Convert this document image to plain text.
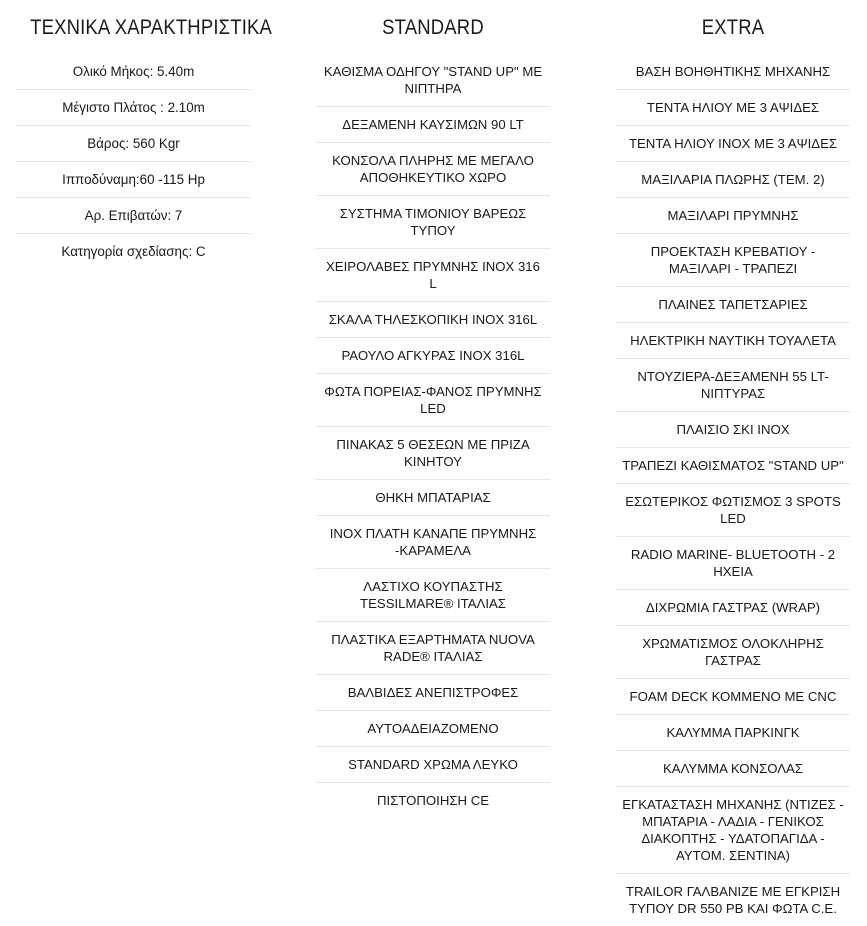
ΤΕΧΝΙΚΑ ΧΑΡΑΚΤΗΡΙΣΤΙΚΑ
Ολικό Μήκος: 5.40m
Μέγιστο Πλάτος : 2.10m
Βάρος: 560 Kgr
Ιπποδύναμη:60 -115 Hp
Αρ. Επιβατών: 7
Κατηγορία σχεδίασης: C
STANDARD
ΚΑΘΙΣΜΑ ΟΔΗΓΟΥ "STAND UP" ΜΕ ΝΙΠΤΗΡΑ
ΔΕΞΑΜΕΝΗ ΚΑΥΣΙΜΩΝ 90 LT
ΚΟΝΣΟΛΑ ΠΛΗΡΗΣ ΜΕ ΜΕΓΑΛΟ ΑΠΟΘΗΚΕΥΤΙΚΟ ΧΩΡΟ
ΣΥΣΤΗΜΑ ΤΙΜΟΝΙΟΥ ΒΑΡΕΩΣ ΤΥΠΟΥ
ΧΕΙΡΟΛΑΒΕΣ ΠΡΥΜΝΗΣ INOX 316 L
ΣΚΑΛΑ ΤΗΛΕΣΚΟΠΙΚΗ INOX 316L
ΡΑΟΥΛΟ ΑΓΚΥΡΑΣ INOX 316L
ΦΩΤΑ ΠΟΡΕΙΑΣ-ΦΑΝΟΣ ΠΡΥΜΝΗΣ LED
ΠΙΝΑΚΑΣ 5 ΘΕΣΕΩΝ ΜΕ ΠΡΙΖΑ ΚΙΝΗΤΟΥ
ΘΗΚΗ ΜΠΑΤΑΡΙΑΣ
INOX ΠΛΑΤΗ ΚΑΝΑΠΕ ΠΡΥΜΝΗΣ -ΚΑΡΑΜΕΛΑ
ΛΑΣΤΙΧΟ ΚΟΥΠΑΣΤΗΣ TESSILMARE® ΙΤΑΛΙΑΣ
ΠΛΑΣΤΙΚΑ ΕΞΑΡΤΗΜΑΤΑ NUOVA RADE® ΙΤΑΛΙΑΣ
ΒΑΛΒΙΔΕΣ ΑΝΕΠΙΣΤΡΟΦΕΣ
ΑΥΤΟΑΔΕΙΑΖΟΜΕΝΟ
STANDARD ΧΡΩΜΑ ΛΕΥΚΟ
ΠΙΣΤΟΠΟΙΗΣΗ CE
EXTRA
ΒΑΣΗ ΒΟΗΘΗΤΙΚΗΣ ΜΗΧΑΝΗΣ
ΤΕΝΤΑ ΗΛΙΟΥ ΜΕ 3 ΑΨΙΔΕΣ
ΤΕΝΤΑ ΗΛΙΟΥ INOX ΜΕ 3 ΑΨΙΔΕΣ
ΜΑΞΙΛΑΡΙΑ ΠΛΩΡΗΣ (ΤΕΜ. 2)
ΜΑΞΙΛΑΡΙ ΠΡΥΜΝΗΣ
ΠΡΟΕΚΤΑΣΗ ΚΡΕΒΑΤΙΟΥ - ΜΑΞΙΛΑΡΙ - ΤΡΑΠΕΖΙ
ΠΛΑΙΝΕΣ ΤΑΠΕΤΣΑΡΙΕΣ
ΗΛΕΚΤΡΙΚΗ ΝΑΥΤΙΚΗ ΤΟΥΑΛΕΤΑ
ΝΤΟΥΖΙΕΡΑ-ΔΕΞΑΜΕΝΗ 55 LT-ΝΙΠΤΥΡΑΣ
ΠΛΑΙΣΙΟ ΣΚΙ INOX
ΤΡΑΠΕΖΙ ΚΑΘΙΣΜΑΤΟΣ "STAND UP"
ΕΣΩΤΕΡΙΚΟΣ ΦΩΤΙΣΜΟΣ 3 SPOTS LED
RADIO MARINE- BLUETOOTH - 2 ΗΧΕΙΑ
ΔΙΧΡΩΜΙΑ ΓΑΣΤΡΑΣ (WRAP)
ΧΡΩΜΑΤΙΣΜΟΣ ΟΛΟΚΛΗΡΗΣ ΓΑΣΤΡΑΣ
FOAM DECK ΚΟΜΜΕΝΟ ΜΕ CNC
ΚΑΛΥΜΜΑ ΠΑΡΚΙΝΓΚ
ΚΑΛΥΜΜΑ ΚΟΝΣΟΛΑΣ
ΕΓΚΑΤΑΣΤΑΣΗ ΜΗΧΑΝΗΣ (ΝΤΙΖΕΣ - ΜΠΑΤΑΡΙΑ - ΛΑΔΙΑ - ΓΕΝΙΚΟΣ ΔΙΑΚΟΠΤΗΣ - ΥΔΑΤΟΠΑΓΙΔΑ - ΑΥΤΟΜ. ΣΕΝΤΙΝΑ)
TRAILOR ΓΑΛΒΑΝΙΖΕ ΜΕ ΕΓΚΡΙΣΗ ΤΥΠΟΥ DR 550 PB ΚΑΙ ΦΩΤΑ C.E.
